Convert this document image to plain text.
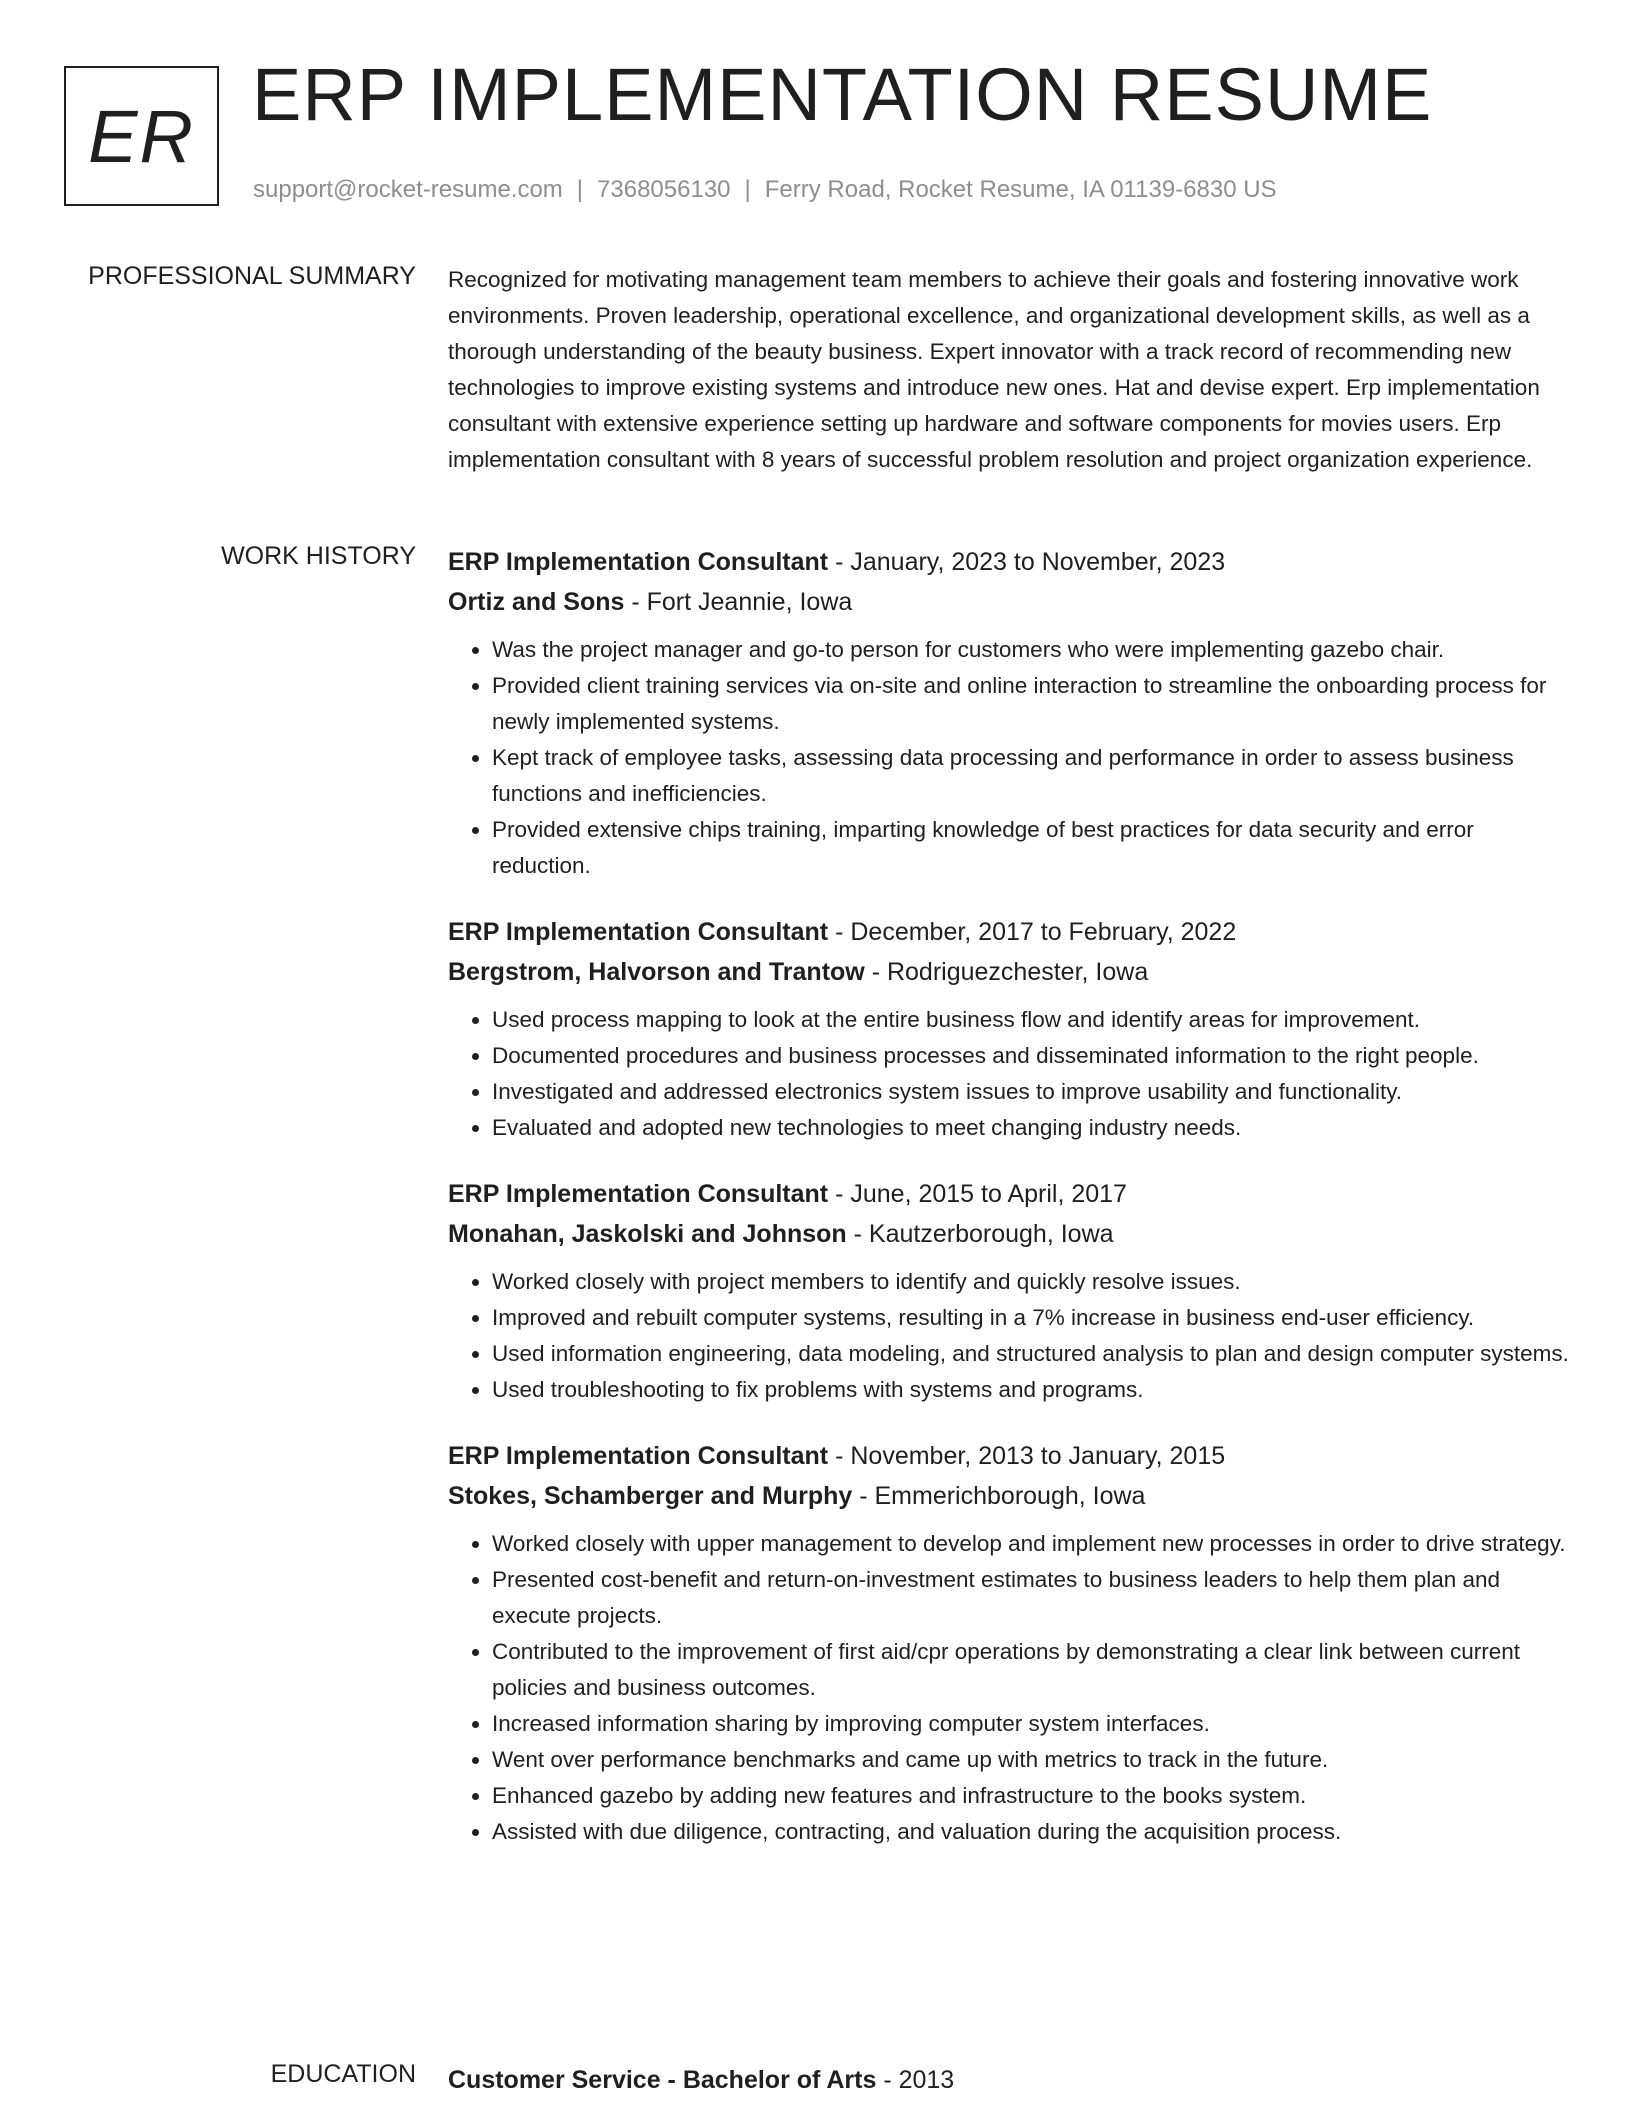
ER ERP IMPLEMENTATION RESUME
support@rocket-resume.com | 7368056130 | Ferry Road, Rocket Resume, IA 01139-6830 US
PROFESSIONAL SUMMARY Recognized for motivating management team members to achieve their goals and fostering innovative work environments. Proven leadership, operational excellence, and organizational development skills, as well as a thorough understanding of the beauty business. Expert innovator with a track record of recommending new technologies to improve existing systems and introduce new ones. Hat and devise expert. Erp implementation consultant with extensive experience setting up hardware and software components for movies users. Erp implementation consultant with 8 years of successful problem resolution and project organization experience.

WORK HISTORY ERP Implementation Consultant - January, 2023 to November, 2023
Ortiz and Sons - Fort Jeannie, Iowa
• Was the project manager and go-to person for customers who were implementing gazebo chair.
• Provided client training services via on-site and online interaction to streamline the onboarding process for newly implemented systems.
• Kept track of employee tasks, assessing data processing and performance in order to assess business functions and inefficiencies.
• Provided extensive chips training, imparting knowledge of best practices for data security and error reduction.
ERP Implementation Consultant - December, 2017 to February, 2022
Bergstrom, Halvorson and Trantow - Rodriguezchester, Iowa
• Used process mapping to look at the entire business flow and identify areas for improvement.
• Documented procedures and business processes and disseminated information to the right people.
• Investigated and addressed electronics system issues to improve usability and functionality.
• Evaluated and adopted new technologies to meet changing industry needs.
ERP Implementation Consultant - June, 2015 to April, 2017
Monahan, Jaskolski and Johnson - Kautzerborough, Iowa
• Worked closely with project members to identify and quickly resolve issues.
• Improved and rebuilt computer systems, resulting in a 7% increase in business end-user efficiency.
• Used information engineering, data modeling, and structured analysis to plan and design computer systems.
• Used troubleshooting to fix problems with systems and programs.
ERP Implementation Consultant - November, 2013 to January, 2015
Stokes, Schamberger and Murphy - Emmerichborough, Iowa
• Worked closely with upper management to develop and implement new processes in order to drive strategy.
• Presented cost-benefit and return-on-investment estimates to business leaders to help them plan and execute projects.
• Contributed to the improvement of first aid/cpr operations by demonstrating a clear link between current policies and business outcomes.
• Increased information sharing by improving computer system interfaces.
• Went over performance benchmarks and came up with metrics to track in the future.
• Enhanced gazebo by adding new features and infrastructure to the books system.
• Assisted with due diligence, contracting, and valuation during the acquisition process.
EDUCATION Customer Service - Bachelor of Arts - 2013
